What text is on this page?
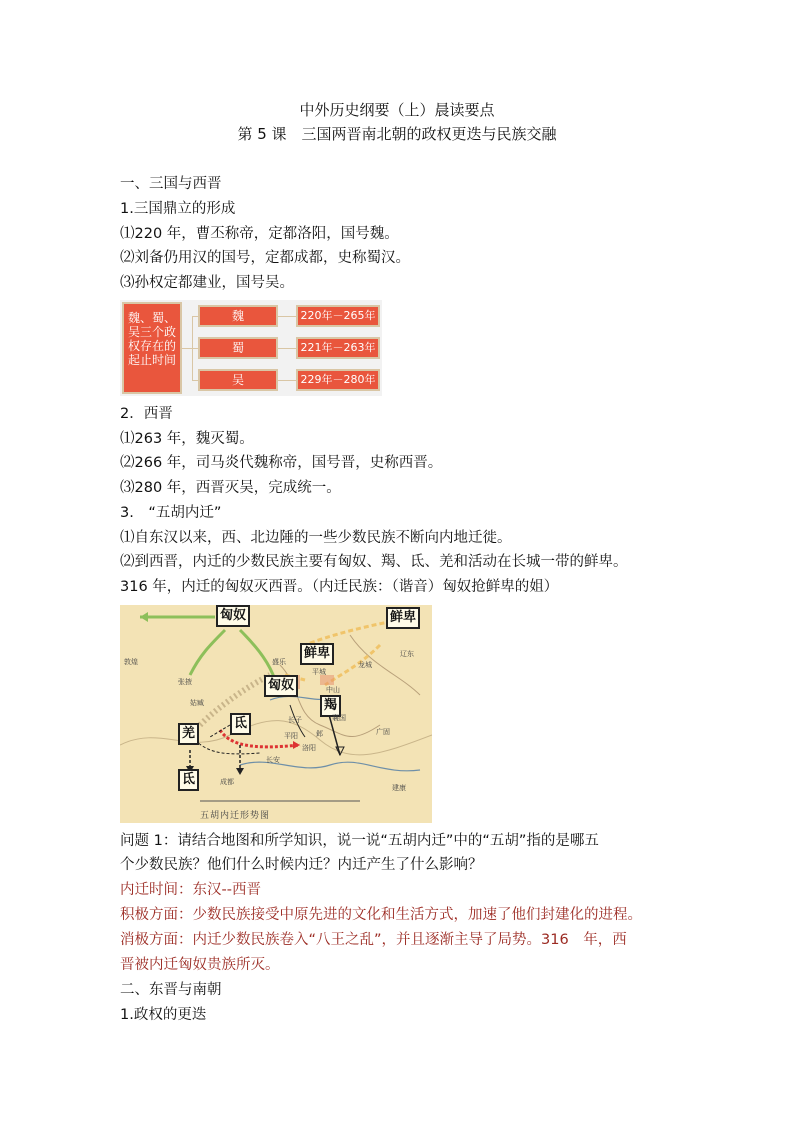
中外历史纲要（上）晨读要点
第 5 课　三国两晋南北朝的政权更迭与民族交融
一、三国与西晋
1.三国鼎立的形成
⑴220 年，曹丕称帝，定都洛阳，国号魏。
⑵刘备仍用汉的国号，定都成都，史称蜀汉。
⑶孙权定都建业，国号吴。
魏、蜀、吴三个政权存在的起止时间
魏
蜀
吴
220年－265年
221年－263年
229年－280年
2．西晋
⑴263 年，魏灭蜀。
⑵266 年，司马炎代魏称帝，国号晋，史称西晋。
⑶280 年，西晋灭吴，完成统一。
3.　“五胡内迁”
⑴自东汉以来，西、北边陲的一些少数民族不断向内地迁徙。
⑵到西晋，内迁的少数民族主要有匈奴、羯、氐、羌和活动在长城一带的鲜卑。
316 年，内迁的匈奴灭西晋。（内迁民族：（谐音）匈奴抢鲜卑的姐）
匈奴	鲜卑
鲜卑
匈奴
羯
羌
氐
氐
敦煌
张掖
姑臧
盛乐
平城
中山
龙城
辽东
长子	襄国
邺
平阳
洛阳
广固
长安
成都
建康
五胡内迁形势图
问题 1：请结合地图和所学知识，说一说“五胡内迁”中的“五胡”指的是哪五
个少数民族？他们什么时候内迁？内迁产生了什么影响？
内迁时间：东汉--西晋
积极方面：少数民族接受中原先进的文化和生活方式，加速了他们封建化的进程。
消极方面：内迁少数民族卷入“八王之乱”，并且逐渐主导了局势。316　年，西
晋被内迁匈奴贵族所灭。
二、东晋与南朝
1.政权的更迭
